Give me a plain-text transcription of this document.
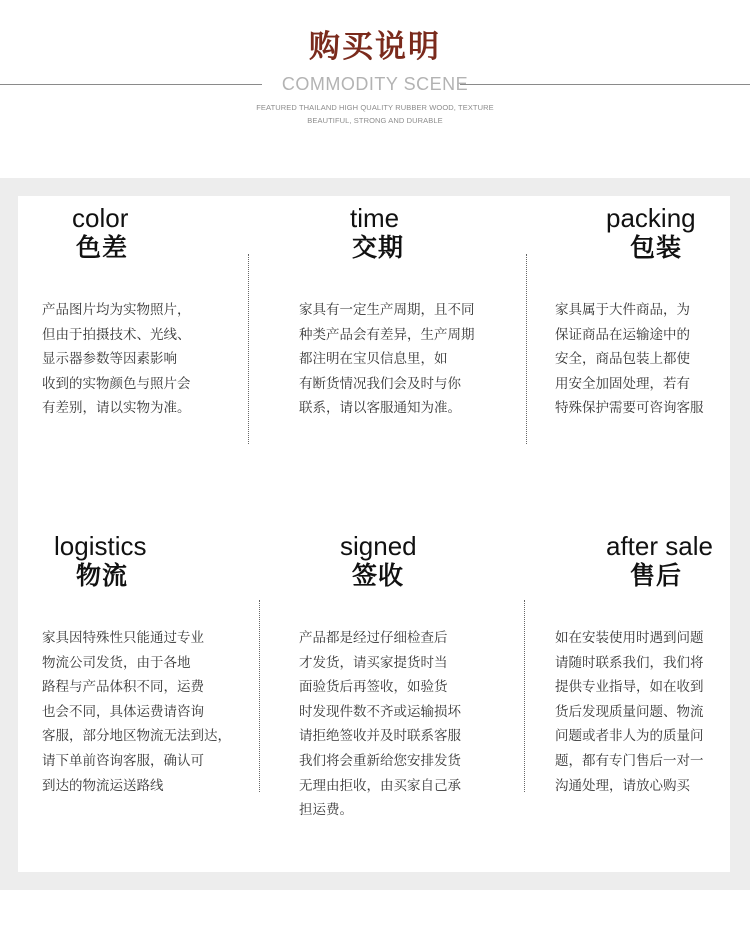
购买说明
COMMODITY SCENE
FEATURED THAILAND HIGH QUALITY RUBBER WOOD, TEXTURE
BEAUTIFUL, STRONG AND DURABLE
color
色差
产品图片均为实物照片，
但由于拍摄技术、光线、
显示器参数等因素影响
收到的实物颜色与照片会
有差别，请以实物为准。
time
交期
家具有一定生产周期，且不同
种类产品会有差异，生产周期
都注明在宝贝信息里，如
有断货情况我们会及时与你
联系，请以客服通知为准。
packing
包装
家具属于大件商品，为
保证商品在运输途中的
安全，商品包装上都使
用安全加固处理，若有
特殊保护需要可咨询客服
logistics
物流
家具因特殊性只能通过专业
物流公司发货，由于各地
路程与产品体积不同，运费
也会不同，具体运费请咨询
客服，部分地区物流无法到达，
请下单前咨询客服，确认可
到达的物流运送路线
signed
签收
产品都是经过仔细检查后
才发货，请买家提货时当
面验货后再签收，如验货
时发现件数不齐或运输损坏
请拒绝签收并及时联系客服
我们将会重新给您安排发货
无理由拒收，由买家自己承
担运费。
after sale
售后
如在安装使用时遇到问题
请随时联系我们，我们将
提供专业指导，如在收到
货后发现质量问题、物流
问题或者非人为的质量问
题，都有专门售后一对一
沟通处理，请放心购买
